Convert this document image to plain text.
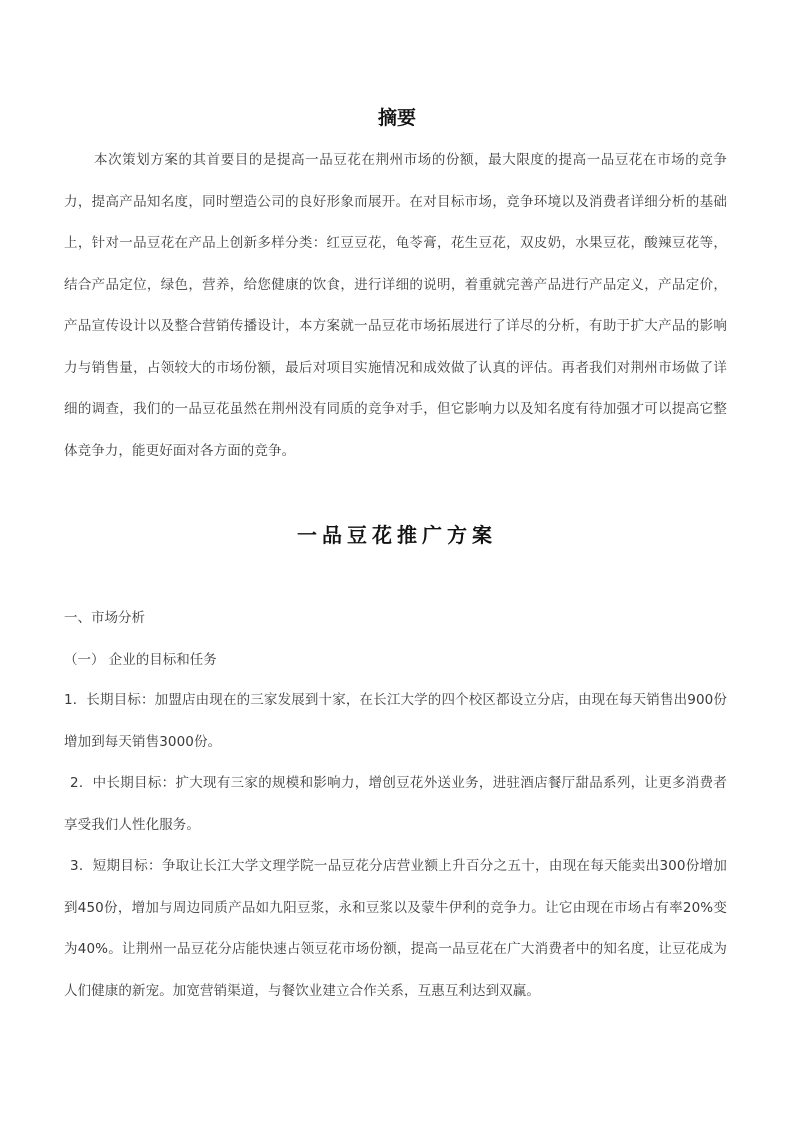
摘要
本次策划方案的其首要目的是提高一品豆花在荆州市场的份额，最大限度的提高一品豆花在市场的竞争力，提高产品知名度，同时塑造公司的良好形象而展开。在对目标市场，竞争环境以及消费者详细分析的基础上，针对一品豆花在产品上创新多样分类：红豆豆花，龟苓膏，花生豆花，双皮奶，水果豆花，酸辣豆花等，结合产品定位，绿色，营养，给您健康的饮食，进行详细的说明，着重就完善产品进行产品定义，产品定价，产品宣传设计以及整合营销传播设计，本方案就一品豆花市场拓展进行了详尽的分析，有助于扩大产品的影响力与销售量，占领较大的市场份额，最后对项目实施情况和成效做了认真的评估。再者我们对荆州市场做了详细的调查，我们的一品豆花虽然在荆州没有同质的竞争对手，但它影响力以及知名度有待加强才可以提高它整体竞争力，能更好面对各方面的竞争。
一品豆花推广方案
一、市场分析
（一） 企业的目标和任务
1．长期目标：加盟店由现在的三家发展到十家，在长江大学的四个校区都设立分店，由现在每天销售出900份增加到每天销售3000份。
2．中长期目标：扩大现有三家的规模和影响力，增创豆花外送业务，进驻酒店餐厅甜品系列，让更多消费者享受我们人性化服务。
3．短期目标：争取让长江大学文理学院一品豆花分店营业额上升百分之五十，由现在每天能卖出300份增加到450份，增加与周边同质产品如九阳豆浆，永和豆浆以及蒙牛伊利的竞争力。让它由现在市场占有率20%变为40%。让荆州一品豆花分店能快速占领豆花市场份额，提高一品豆花在广大消费者中的知名度，让豆花成为人们健康的新宠。加宽营销渠道，与餐饮业建立合作关系，互惠互利达到双赢。
